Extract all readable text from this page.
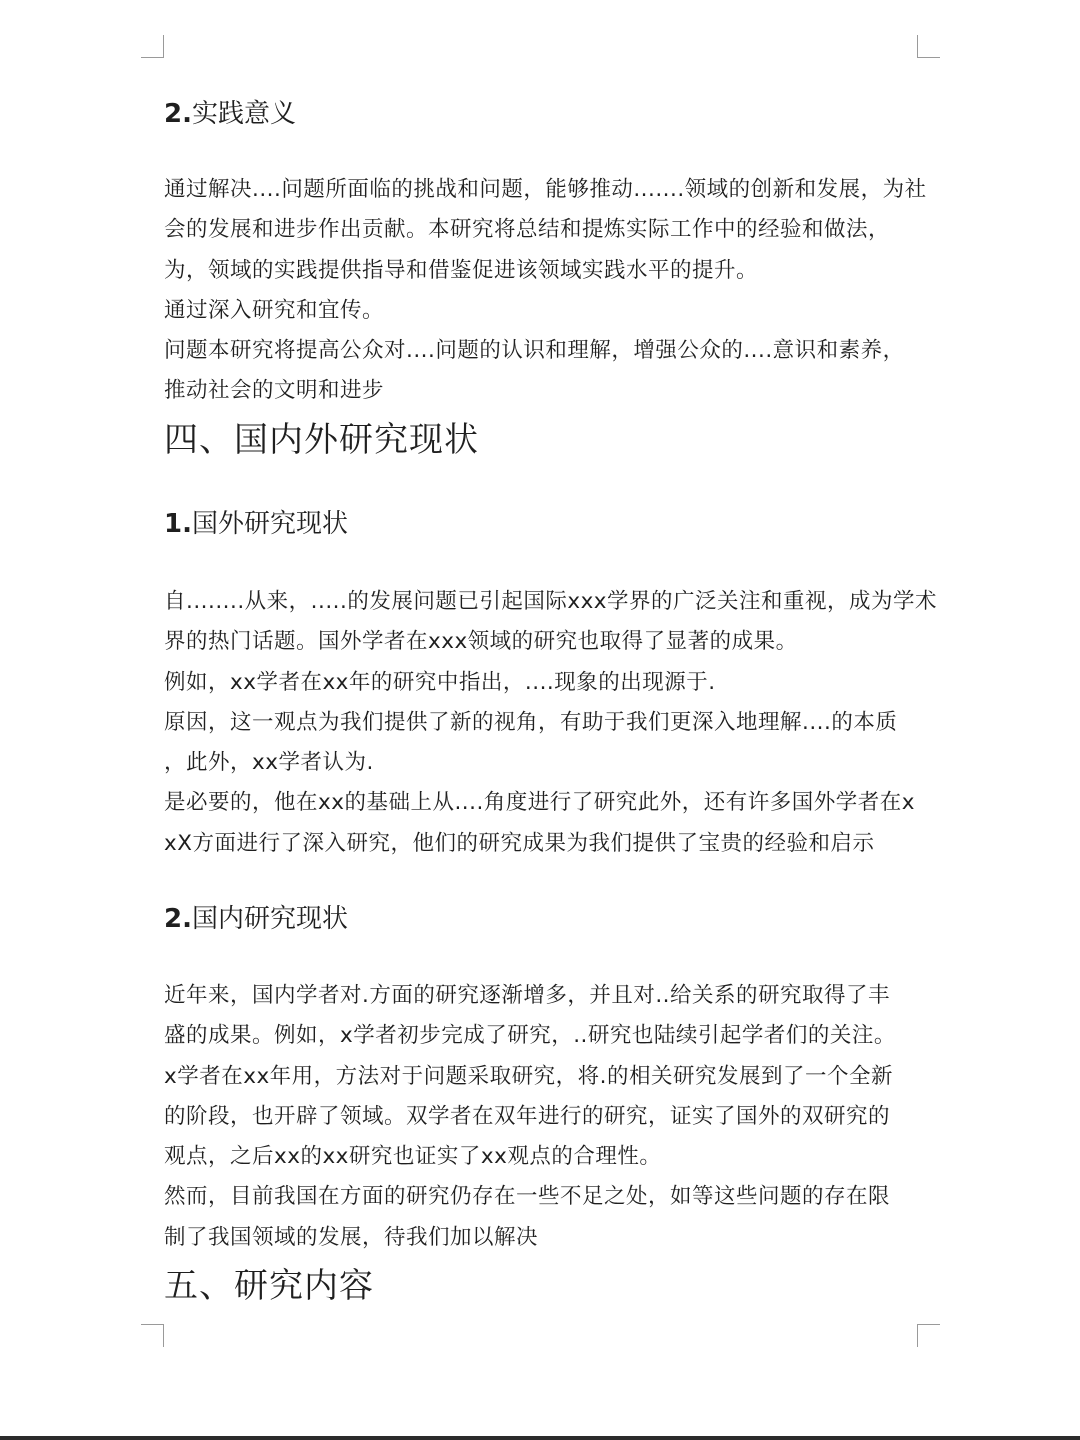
2.实践意义
通过解决....问题所面临的挑战和问题，能够推动.......领域的创新和发展，为社
会的发展和进步作出贡献。本研究将总结和提炼实际工作中的经验和做法，
为，领域的实践提供指导和借鉴促进该领域实践水平的提升。
通过深入研究和宜传。
问题本研究将提高公众对....问题的认识和理解，增强公众的....意识和素养，
推动社会的文明和进步
四、国内外研究现状
1.国外研究现状
自........从来，.....的发展问题已引起国际xxx学界的广泛关注和重视，成为学术
界的热门话题。国外学者在xxx领域的研究也取得了显著的成果。
例如，xx学者在xx年的研究中指出，....现象的出现源于.
原因，这一观点为我们提供了新的视角，有助于我们更深入地理解....的本质
，此外，xx学者认为.
是必要的，他在xx的基础上从....角度进行了研究此外，还有许多国外学者在x
xX方面进行了深入研究，他们的研究成果为我们提供了宝贵的经验和启示
2.国内研究现状
近年来，国内学者对.方面的研究逐渐增多，并且对..给关系的研究取得了丰
盛的成果。例如，x学者初步完成了研究，..研究也陆续引起学者们的关注。
x学者在xx年用，方法对于问题采取研究，将.的相关研究发展到了一个全新
的阶段，也开辟了领域。双学者在双年进行的研究，证实了国外的双研究的
观点，之后xx的xx研究也证实了xx观点的合理性。
然而，目前我国在方面的研究仍存在一些不足之处，如等这些问题的存在限
制了我国领域的发展，待我们加以解决
五、研究内容
